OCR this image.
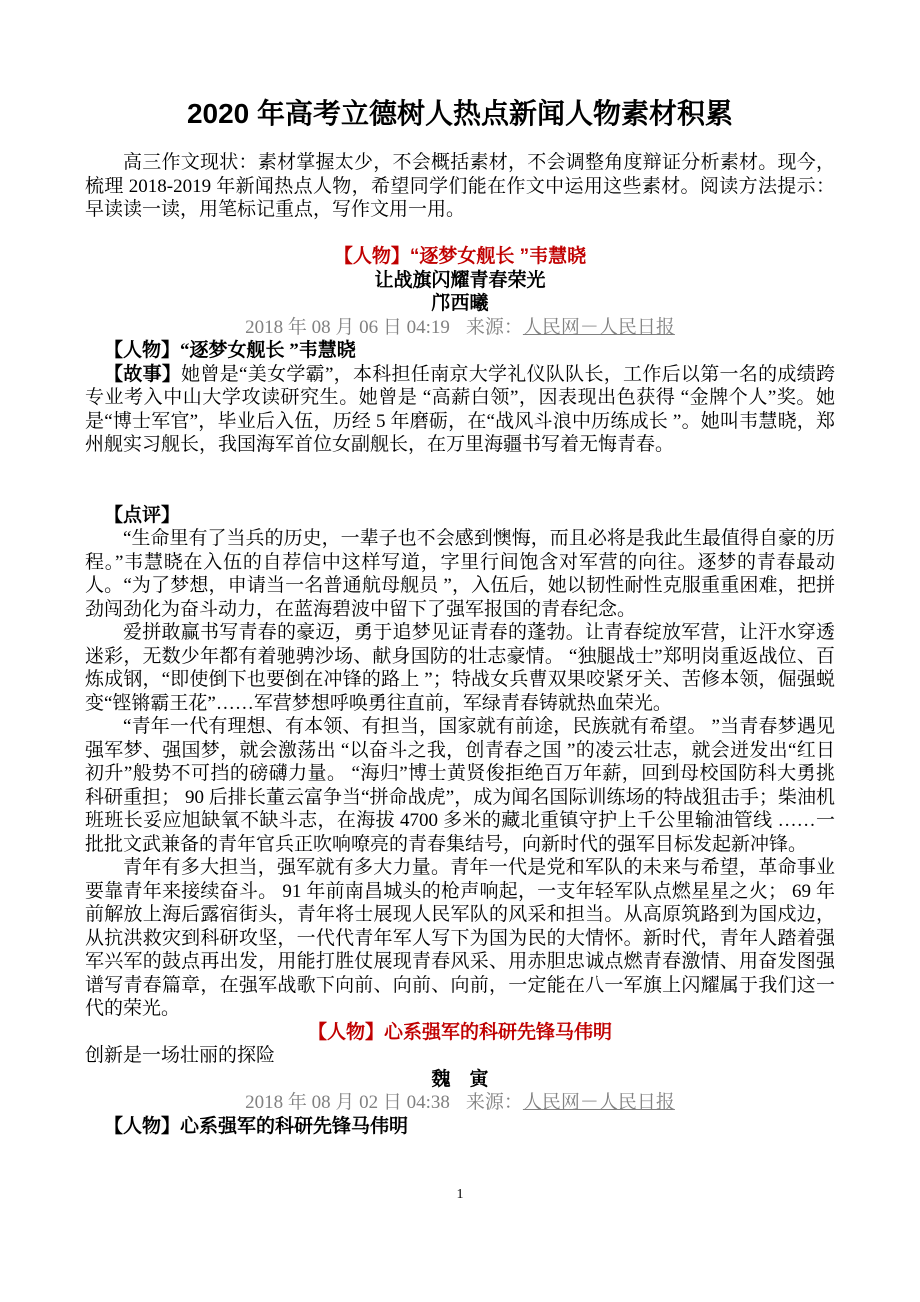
2020 年高考立德树人热点新闻人物素材积累

高三作文现状：素材掌握太少，不会概括素材，不会调整角度辩证分析素材。现今，梳理 2018-2019 年新闻热点人物，希望同学们能在作文中运用这些素材。阅读方法提示：早读读一读，用笔标记重点，写作文用一用。

【人物】“逐梦女舰长 ”韦慧晓

让战旗闪耀青春荣光

邝西曦

2018 年 08 月 06 日 04:19 来源：人民网－人民日报

【人物】“逐梦女舰长 ”韦慧晓

【故事】她曾是“美女学霸”，本科担任南京大学礼仪队队长，工作后以第一名的成绩跨专业考入中山大学攻读研究生。她曾是 “高薪白领”，因表现出色获得 “金牌个人”奖。她是“博士军官”，毕业后入伍，历经 5 年磨砺，在“战风斗浪中历练成长 ”。她叫韦慧晓，郑州舰实习舰长，我国海军首位女副舰长，在万里海疆书写着无悔青春。

【点评】

“生命里有了当兵的历史，一辈子也不会感到懊悔，而且必将是我此生最值得自豪的历程。”韦慧晓在入伍的自荐信中这样写道，字里行间饱含对军营的向往。逐梦的青春最动人。“为了梦想，申请当一名普通航母舰员 ”，入伍后，她以韧性耐性克服重重困难，把拼劲闯劲化为奋斗动力，在蓝海碧波中留下了强军报国的青春纪念。

爱拼敢赢书写青春的豪迈，勇于追梦见证青春的蓬勃。让青春绽放军营，让汗水穿透迷彩，无数少年都有着驰骋沙场、献身国防的壮志豪情。 “独腿战士”郑明岗重返战位、百炼成钢，“即使倒下也要倒在冲锋的路上 ”；特战女兵曹双果咬紧牙关、苦修本领，倔强蜕变“铿锵霸王花”……军营梦想呼唤勇往直前，军绿青春铸就热血荣光。

“青年一代有理想、有本领、有担当，国家就有前途，民族就有希望。 ”当青春梦遇见强军梦、强国梦，就会激荡出 “以奋斗之我，创青春之国 ”的凌云壮志，就会迸发出“红日初升”般势不可挡的磅礴力量。 “海归”博士黄贤俊拒绝百万年薪，回到母校国防科大勇挑科研重担； 90 后排长董云富争当“拼命战虎”，成为闻名国际训练场的特战狙击手；柴油机班班长妥应旭缺氧不缺斗志，在海拔 4700 多米的藏北重镇守护上千公里输油管线 ……一批批文武兼备的青年官兵正吹响嘹亮的青春集结号，向新时代的强军目标发起新冲锋。

青年有多大担当，强军就有多大力量。青年一代是党和军队的未来与希望，革命事业要靠青年来接续奋斗。 91 年前南昌城头的枪声响起，一支年轻军队点燃星星之火； 69 年前解放上海后露宿街头，青年将士展现人民军队的风采和担当。从高原筑路到为国戍边，从抗洪救灾到科研攻坚，一代代青年军人写下为国为民的大情怀。新时代，青年人踏着强军兴军的鼓点再出发，用能打胜仗展现青春风采、用赤胆忠诚点燃青春激情、用奋发图强谱写青春篇章，在强军战歌下向前、向前、向前，一定能在八一军旗上闪耀属于我们这一代的荣光。

【人物】心系强军的科研先锋马伟明

创新是一场壮丽的探险

魏　寅

2018 年 08 月 02 日 04:38 来源：人民网－人民日报

【人物】心系强军的科研先锋马伟明

1
